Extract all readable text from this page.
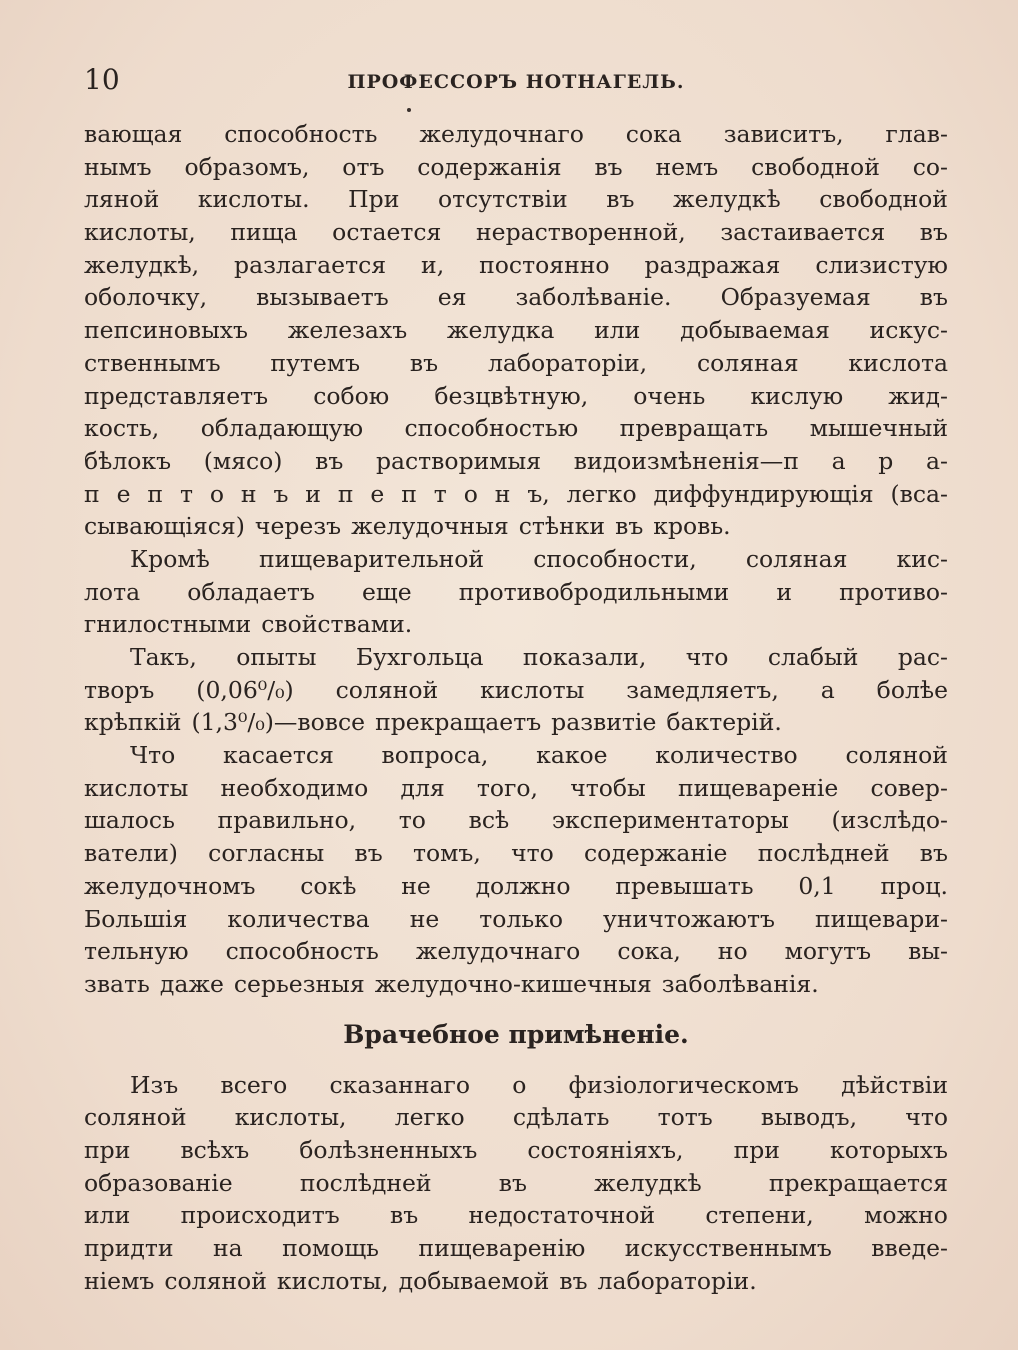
10	ПРОФЕССОРЪ НОТНАГЕЛЬ.
вающая способность желудочнаго сока зависитъ, глав-
нымъ образомъ, отъ содержанія въ немъ свободной со-
ляной кислоты. При отсутствіи въ желудкѣ свободной
кислоты, пища остается нерастворенной, застаивается въ
желудкѣ, разлагается и, постоянно раздражая слизистую
оболочку, вызываетъ ея заболѣваніе. Образуемая въ
пепсиновыхъ железахъ желудка или добываемая искус-
ственнымъ путемъ въ лабораторіи, соляная кислота
представляетъ собою безцвѣтную, очень кислую жид-
кость, обладающую способностью превращать мышечный
бѣлокъ (мясо) въ растворимыя видоизмѣненія—п а р а-
п е п т о н ъ и п е п т о н ъ, легко диффундирующія (вса-
сывающіяся) черезъ желудочныя стѣнки въ кровь.
Кромѣ пищеварительной способности, соляная кис-
лота обладаетъ еще противобродильными и противо-
гнилостными свойствами.
Такъ, опыты Бухгольца показали, что слабый рас-
творъ (0,06⁰/₀) соляной кислоты замедляетъ, а болѣе
крѣпкій (1,3⁰/₀)—вовсе прекращаетъ развитіе бактерій.
Что касается вопроса, какое количество соляной
кислоты необходимо для того, чтобы пищевареніе совер-
шалось правильно, то всѣ экспериментаторы (изслѣдо-
ватели) согласны въ томъ, что содержаніе послѣдней въ
желудочномъ сокѣ не должно превышать 0,1 проц.
Большія количества не только уничтожаютъ пищевари-
тельную способность желудочнаго сока, но могутъ вы-
звать даже серьезныя желудочно-кишечныя заболѣванія.
Врачебное примѣненіе.
Изъ всего сказаннаго о физіологическомъ дѣйствіи
соляной кислоты, легко сдѣлать тотъ выводъ, что
при всѣхъ болѣзненныхъ состояніяхъ, при которыхъ
образованіе	послѣдней	въ	желудкѣ	прекращается
или происходитъ въ недостаточной степени, можно
придти на помощь пищеваренію искусственнымъ введе-
ніемъ соляной кислоты, добываемой въ лабораторіи.
